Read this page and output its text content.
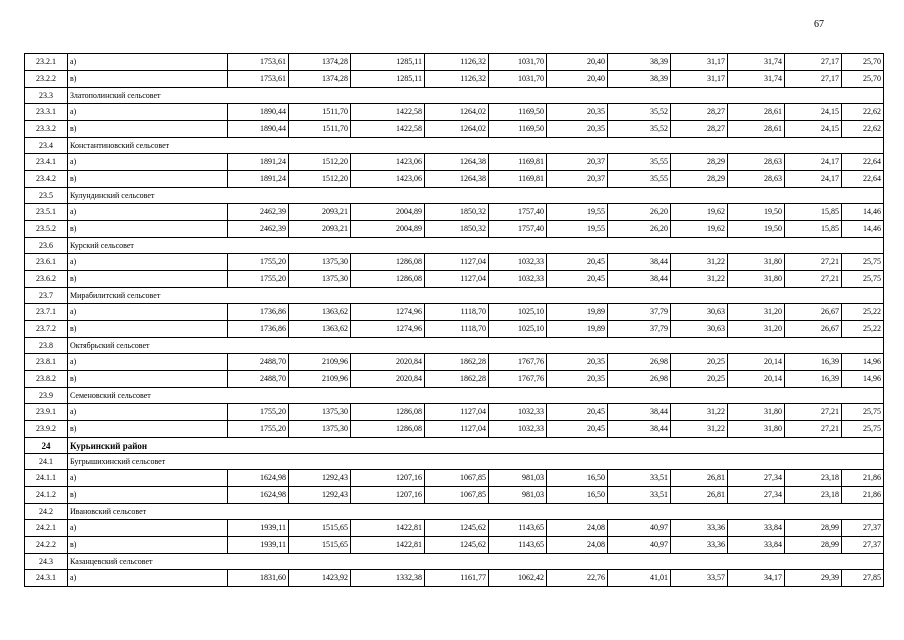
67
23.2.1	а)	1753,61	1374,28	1285,11	1126,32	1031,70	20,40	38,39	31,17	31,74	27,17	25,70
23.2.2	в)	1753,61	1374,28	1285,11	1126,32	1031,70	20,40	38,39	31,17	31,74	27,17	25,70
23.3	Златополинский сельсовет											
23.3.1	а)	1890,44	1511,70	1422,58	1264,02	1169,50	20,35	35,52	28,27	28,61	24,15	22,62
23.3.2	в)	1890,44	1511,70	1422,58	1264,02	1169,50	20,35	35,52	28,27	28,61	24,15	22,62
23.4	Константиновский сельсовет											
23.4.1	а)	1891,24	1512,20	1423,06	1264,38	1169,81	20,37	35,55	28,29	28,63	24,17	22,64
23.4.2	в)	1891,24	1512,20	1423,06	1264,38	1169,81	20,37	35,55	28,29	28,63	24,17	22,64
23.5	Кулундинский сельсовет											
23.5.1	а)	2462,39	2093,21	2004,89	1850,32	1757,40	19,55	26,20	19,62	19,50	15,85	14,46
23.5.2	в)	2462,39	2093,21	2004,89	1850,32	1757,40	19,55	26,20	19,62	19,50	15,85	14,46
23.6	Курский сельсовет											
23.6.1	а)	1755,20	1375,30	1286,08	1127,04	1032,33	20,45	38,44	31,22	31,80	27,21	25,75
23.6.2	в)	1755,20	1375,30	1286,08	1127,04	1032,33	20,45	38,44	31,22	31,80	27,21	25,75
23.7	Мирабилитский сельсовет											
23.7.1	а)	1736,86	1363,62	1274,96	1118,70	1025,10	19,89	37,79	30,63	31,20	26,67	25,22
23.7.2	в)	1736,86	1363,62	1274,96	1118,70	1025,10	19,89	37,79	30,63	31,20	26,67	25,22
23.8	Октябрьский сельсовет											
23.8.1	а)	2488,70	2109,96	2020,84	1862,28	1767,76	20,35	26,98	20,25	20,14	16,39	14,96
23.8.2	в)	2488,70	2109,96	2020,84	1862,28	1767,76	20,35	26,98	20,25	20,14	16,39	14,96
23.9	Семеновский сельсовет											
23.9.1	а)	1755,20	1375,30	1286,08	1127,04	1032,33	20,45	38,44	31,22	31,80	27,21	25,75
23.9.2	в)	1755,20	1375,30	1286,08	1127,04	1032,33	20,45	38,44	31,22	31,80	27,21	25,75
24	Курьинский район											
24.1	Бугрышихинский сельсовет											
24.1.1	а)	1624,98	1292,43	1207,16	1067,85	981,03	16,50	33,51	26,81	27,34	23,18	21,86
24.1.2	в)	1624,98	1292,43	1207,16	1067,85	981,03	16,50	33,51	26,81	27,34	23,18	21,86
24.2	Ивановский сельсовет											
24.2.1	а)	1939,11	1515,65	1422,81	1245,62	1143,65	24,08	40,97	33,36	33,84	28,99	27,37
24.2.2	в)	1939,11	1515,65	1422,81	1245,62	1143,65	24,08	40,97	33,36	33,84	28,99	27,37
24.3	Казанцевский сельсовет											
24.3.1	а)	1831,60	1423,92	1332,38	1161,77	1062,42	22,76	41,01	33,57	34,17	29,39	27,85
